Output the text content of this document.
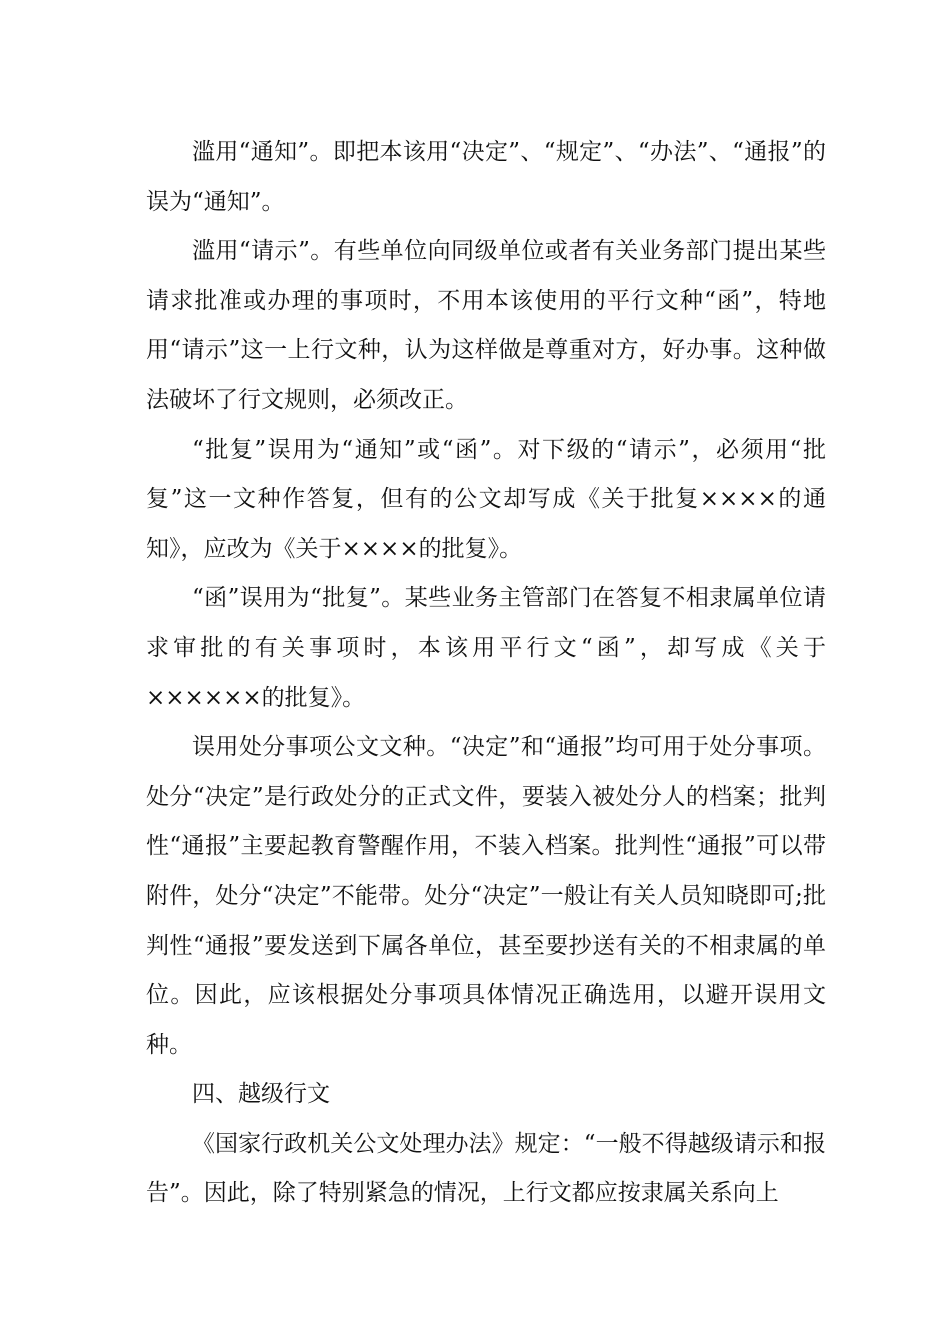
滥用“通知”。即把本该用“决定”、“规定”、“办法”、“通报”的误为“通知”。

滥用“请示”。有些单位向同级单位或者有关业务部门提出某些请求批准或办理的事项时，不用本该使用的平行文种“函”，特地用“请示”这一上行文种，认为这样做是尊重对方，好办事。这种做法破坏了行文规则，必须改正。

“批复”误用为“通知”或“函”。对下级的“请示”，必须用“批复”这一文种作答复，但有的公文却写成《关于批复××××的通知》，应改为《关于××××的批复》。

“函”误用为“批复”。某些业务主管部门在答复不相隶属单位请求审批的有关事项时，本该用平行文“函”，却写成《关于××××××的批复》。

误用处分事项公文文种。“决定”和“通报”均可用于处分事项。处分“决定”是行政处分的正式文件，要装入被处分人的档案；批判性“通报”主要起教育警醒作用，不装入档案。批判性“通报”可以带附件，处分“决定”不能带。处分“决定”一般让有关人员知晓即可;批判性“通报”要发送到下属各单位，甚至要抄送有关的不相隶属的单位。因此，应该根据处分事项具体情况正确选用，以避开误用文种。

四、越级行文

《国家行政机关公文处理办法》规定：“一般不得越级请示和报告”。因此，除了特别紧急的情况，上行文都应按隶属关系向上
